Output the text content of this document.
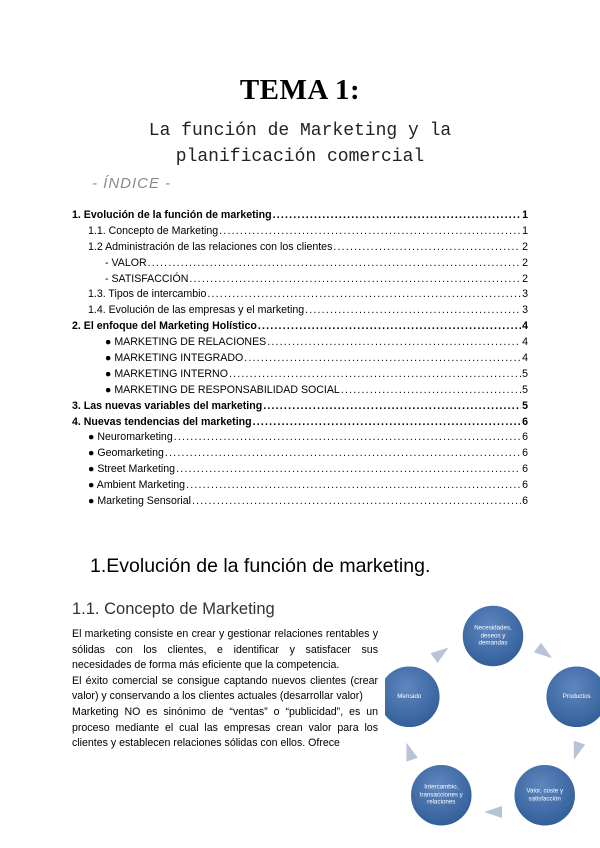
TEMA 1:
La función de Marketing y la
planificación comercial
- ÍNDICE -
1. Evolución de la función de marketing .....	1
1.1. Concepto de Marketing .....	1
1.2 Administración de las relaciones con los clientes .....	2
- VALOR .....	2
- SATISFACCIÓN .....	2
1.3. Tipos de intercambio .....	3
1.4. Evolución de las empresas y el marketing .....	3
2. El enfoque del Marketing Holístico .....	4
● MARKETING DE RELACIONES .....	4
● MARKETING INTEGRADO .....	4
● MARKETING INTERNO .....	5
● MARKETING DE RESPONSABILIDAD SOCIAL .....	5
3. Las nuevas variables del marketing .....	5
4. Nuevas tendencias del marketing .....	6
● Neuromarketing .....	6
● Geomarketing .....	6
● Street Marketing .....	6
● Ambient Marketing .....	6
● Marketing Sensorial .....	6
1.Evolución de la función de marketing.
1.1. Concepto de Marketing

El marketing consiste en crear y gestionar relaciones rentables y sólidas con los clientes, e identificar y satisfacer sus necesidades de forma más eficiente que la competencia.

El éxito comercial se consigue captando nuevos clientes (crear valor) y conservando a los clientes actuales (desarrollar valor)

Marketing NO es sinónimo de “ventas” o “publicidad”, es un proceso mediante el cual las empresas crean valor para los clientes y establecen relaciones sólidas con ellos. Ofrece

Necesidades, deseos y demandas
Productos
Valor, coste y satisfacción
Intercambio, transacciones y relaciones
Mercado
